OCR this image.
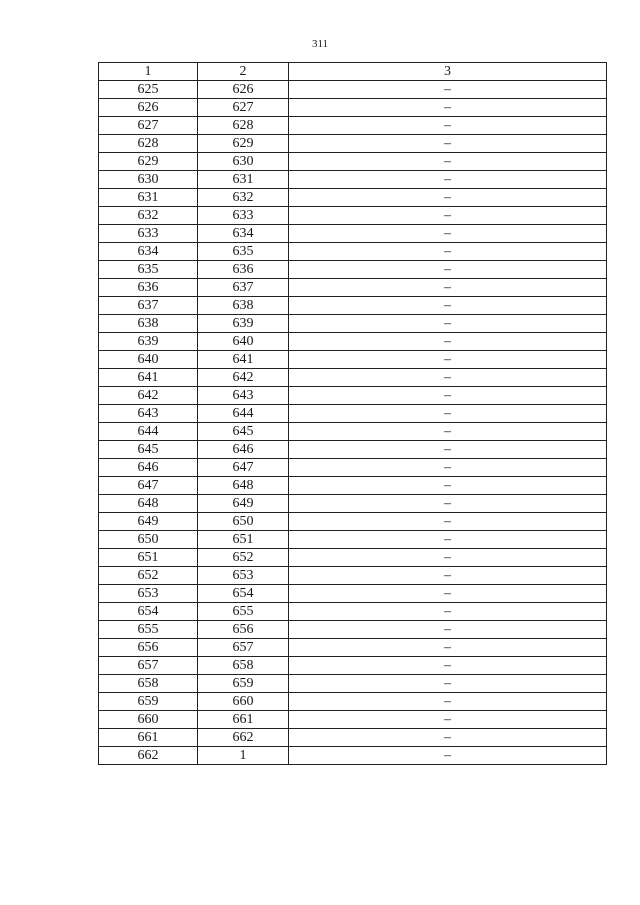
311
1	2	3
625	626	–
626	627	–
627	628	–
628	629	–
629	630	–
630	631	–
631	632	–
632	633	–
633	634	–
634	635	–
635	636	–
636	637	–
637	638	–
638	639	–
639	640	–
640	641	–
641	642	–
642	643	–
643	644	–
644	645	–
645	646	–
646	647	–
647	648	–
648	649	–
649	650	–
650	651	–
651	652	–
652	653	–
653	654	–
654	655	–
655	656	–
656	657	–
657	658	–
658	659	–
659	660	–
660	661	–
661	662	–
662	1	–
